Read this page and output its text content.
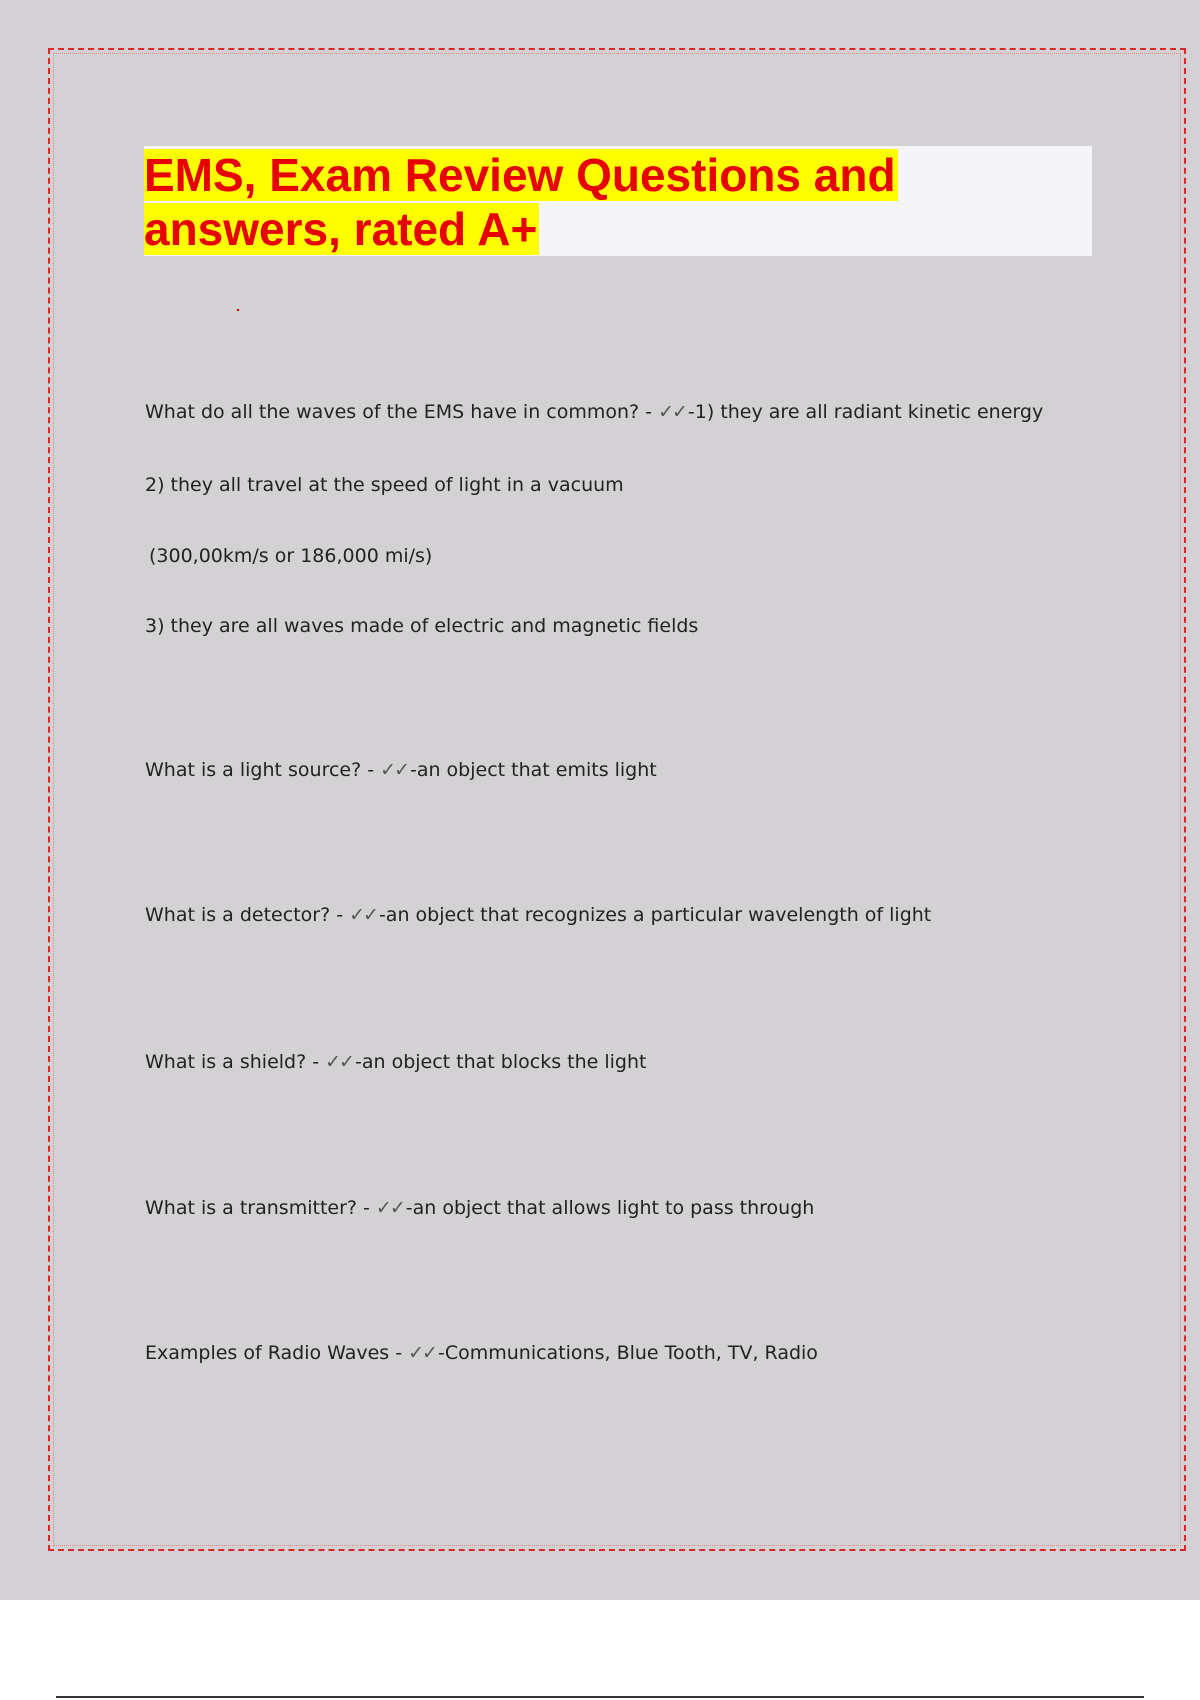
EMS, Exam Review Questions and
answers, rated A+

What do all the waves of the EMS have in common? - ✓✓ -1) they are all radiant kinetic energy

2) they all travel at the speed of light in a vacuum

(300,00km/s or 186,000 mi/s)

3) they are all waves made of electric and magnetic fields

What is a light source? - ✓✓ -an object that emits light

What is a detector? - ✓✓ -an object that recognizes a particular wavelength of light

What is a shield? - ✓✓ -an object that blocks the light

What is a transmitter? - ✓✓ -an object that allows light to pass through

Examples of Radio Waves - ✓✓ -Communications, Blue Tooth, TV, Radio
